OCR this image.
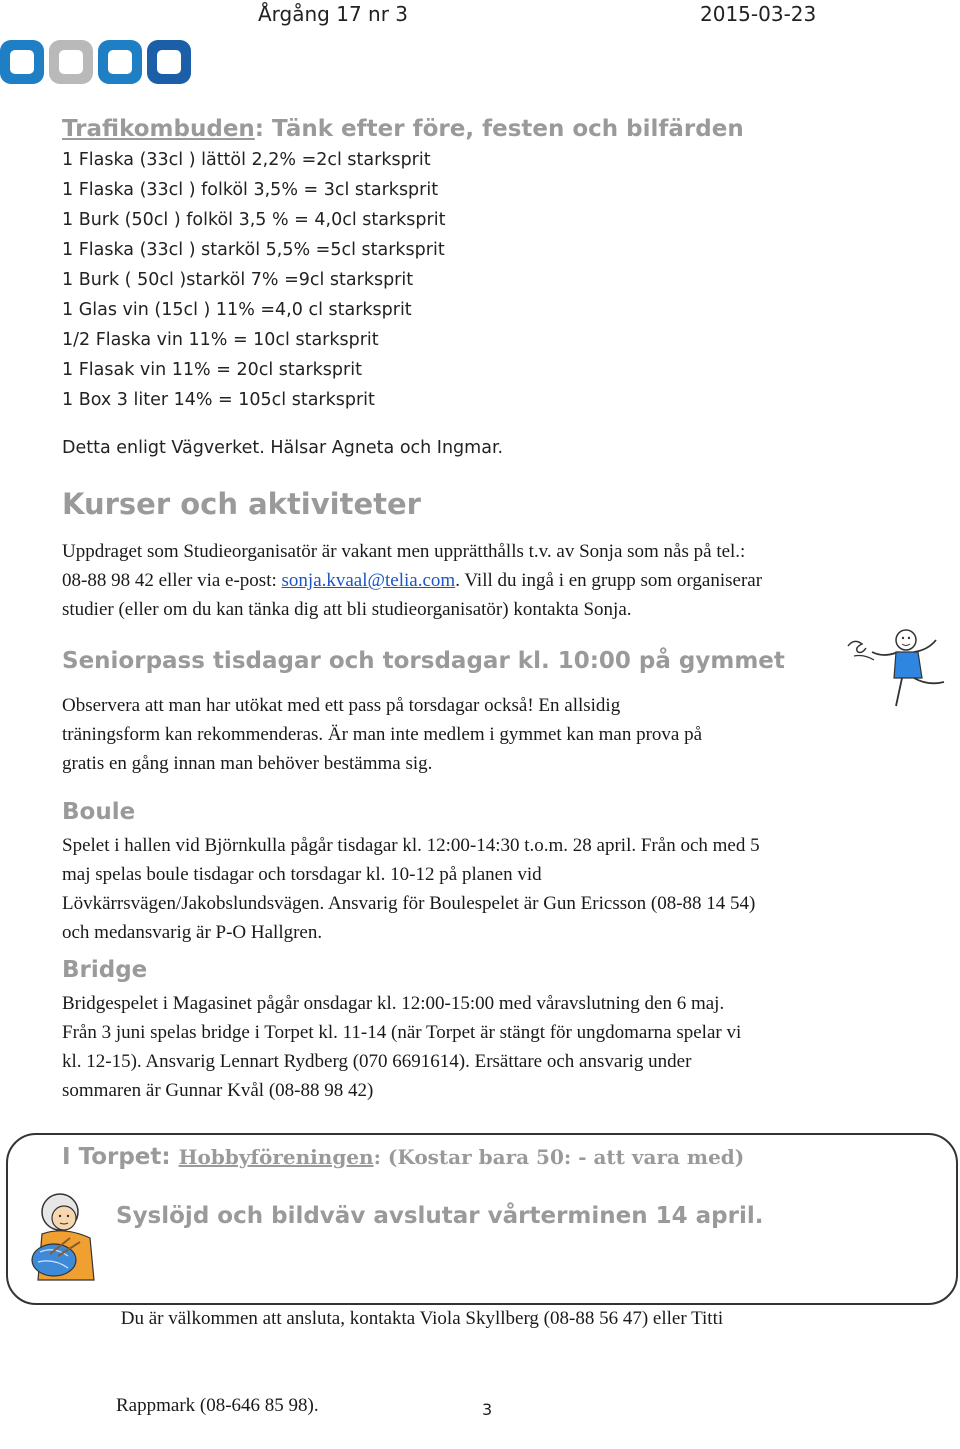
Årgång 17 nr 3	2015-03-23
Trafikombuden: Tänk efter före, festen och bilfärden
1 Flaska (33cl ) lättöl 2,2% =2cl starksprit
1 Flaska (33cl ) folköl 3,5% = 3cl starksprit
1 Burk (50cl ) folköl 3,5 % = 4,0cl starksprit
1 Flaska (33cl ) starköl 5,5% =5cl starksprit
1 Burk ( 50cl )starköl 7% =9cl starksprit
1 Glas vin (15cl ) 11% =4,0 cl starksprit
1/2 Flaska vin 11% = 10cl starksprit
1 Flasak vin 11% = 20cl starksprit
1 Box 3 liter 14% = 105cl starksprit
Detta enligt Vägverket. Hälsar Agneta och Ingmar.
Kurser och aktiviteter
Uppdraget som Studieorganisatör är vakant men upprätthålls t.v. av Sonja som nås på tel.:
08-88 98 42 eller via e-post: sonja.kvaal@telia.com. Vill du ingå i en grupp som organiserar
studier (eller om du kan tänka dig att bli studieorganisatör) kontakta Sonja.
Seniorpass tisdagar och torsdagar kl. 10:00 på gymmet
Observera att man har utökat med ett pass på torsdagar också! En allsidig
träningsform kan rekommenderas. Är man inte medlem i gymmet kan man prova på
gratis en gång innan man behöver bestämma sig.
Boule
Spelet i hallen vid Björnkulla pågår tisdagar kl. 12:00-14:30 t.o.m. 28 april. Från och med 5
maj spelas boule tisdagar och torsdagar kl. 10-12 på planen vid
Lövkärrsvägen/Jakobslundsvägen. Ansvarig för Boulespelet är Gun Ericsson (08-88 14 54)
och medansvarig är P-O Hallgren.
Bridge
Bridgespelet i Magasinet pågår onsdagar kl. 12:00-15:00 med våravslutning den 6 maj.
Från 3 juni spelas bridge i Torpet kl. 11-14 (när Torpet är stängt för ungdomarna spelar vi
kl. 12-15). Ansvarig Lennart Rydberg (070 6691614). Ersättare och ansvarig under
sommaren är Gunnar Kvål (08-88 98 42)
I Torpet: Hobbyföreningen: (Kostar bara 50: - att vara med)
Syslöjd och bildväv avslutar vårterminen 14 april.

Du är välkommen att ansluta, kontakta Viola Skyllberg (08-88 56 47) eller Titti

Rappmark (08-646 85 98).	3
